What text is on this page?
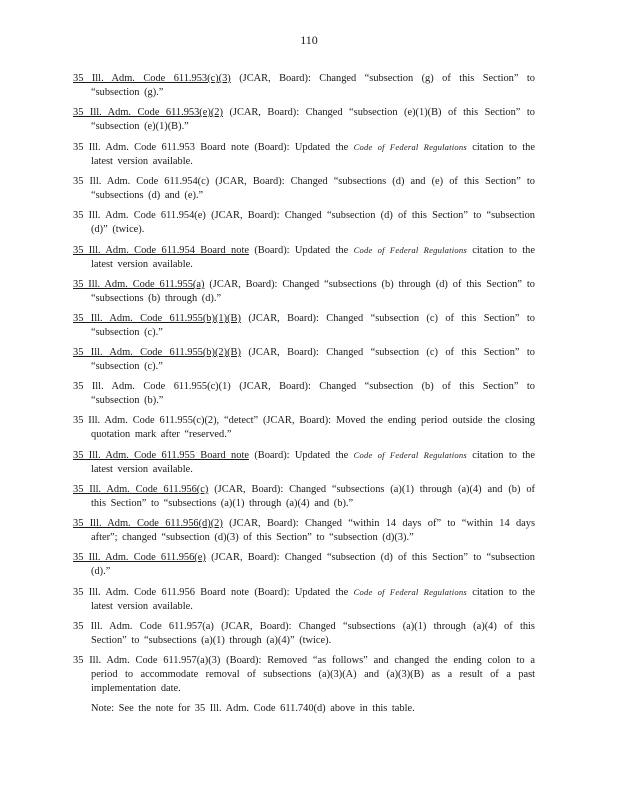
110

35 Ill. Adm. Code 611.953(c)(3) (JCAR, Board): Changed “subsection (g) of this Section” to “subsection (g).”

35 Ill. Adm. Code 611.953(e)(2) (JCAR, Board): Changed “subsection (e)(1)(B) of this Section” to “subsection (e)(1)(B).”

35 Ill. Adm. Code 611.953 Board note (Board): Updated the Code of Federal Regulations citation to the latest version available.

35 Ill. Adm. Code 611.954(c) (JCAR, Board): Changed “subsections (d) and (e) of this Section” to “subsections (d) and (e).”

35 Ill. Adm. Code 611.954(e) (JCAR, Board): Changed “subsection (d) of this Section” to “subsection (d)” (twice).

35 Ill. Adm. Code 611.954 Board note (Board): Updated the Code of Federal Regulations citation to the latest version available.

35 Ill. Adm. Code 611.955(a) (JCAR, Board): Changed “subsections (b) through (d) of this Section” to “subsections (b) through (d).”

35 Ill. Adm. Code 611.955(b)(1)(B) (JCAR, Board): Changed “subsection (c) of this Section” to “subsection (c).”

35 Ill. Adm. Code 611.955(b)(2)(B) (JCAR, Board): Changed “subsection (c) of this Section” to “subsection (c).”

35 Ill. Adm. Code 611.955(c)(1) (JCAR, Board): Changed “subsection (b) of this Section” to “subsection (b).”

35 Ill. Adm. Code 611.955(c)(2), “detect” (JCAR, Board): Moved the ending period outside the closing quotation mark after “reserved.”

35 Ill. Adm. Code 611.955 Board note (Board): Updated the Code of Federal Regulations citation to the latest version available.

35 Ill. Adm. Code 611.956(c) (JCAR, Board): Changed “subsections (a)(1) through (a)(4) and (b) of this Section” to “subsections (a)(1) through (a)(4) and (b).”

35 Ill. Adm. Code 611.956(d)(2) (JCAR, Board): Changed “within 14 days of” to “within 14 days after”; changed “subsection (d)(3) of this Section” to “subsection (d)(3).”

35 Ill. Adm. Code 611.956(e) (JCAR, Board): Changed “subsection (d) of this Section” to “subsection (d).”

35 Ill. Adm. Code 611.956 Board note (Board): Updated the Code of Federal Regulations citation to the latest version available.

35 Ill. Adm. Code 611.957(a) (JCAR, Board): Changed “subsections (a)(1) through (a)(4) of this Section” to “subsections (a)(1) through (a)(4)” (twice).

35 Ill. Adm. Code 611.957(a)(3) (Board): Removed “as follows” and changed the ending colon to a period to accommodate removal of subsections (a)(3)(A) and (a)(3)(B) as a result of a past implementation date.

Note: See the note for 35 Ill. Adm. Code 611.740(d) above in this table.
